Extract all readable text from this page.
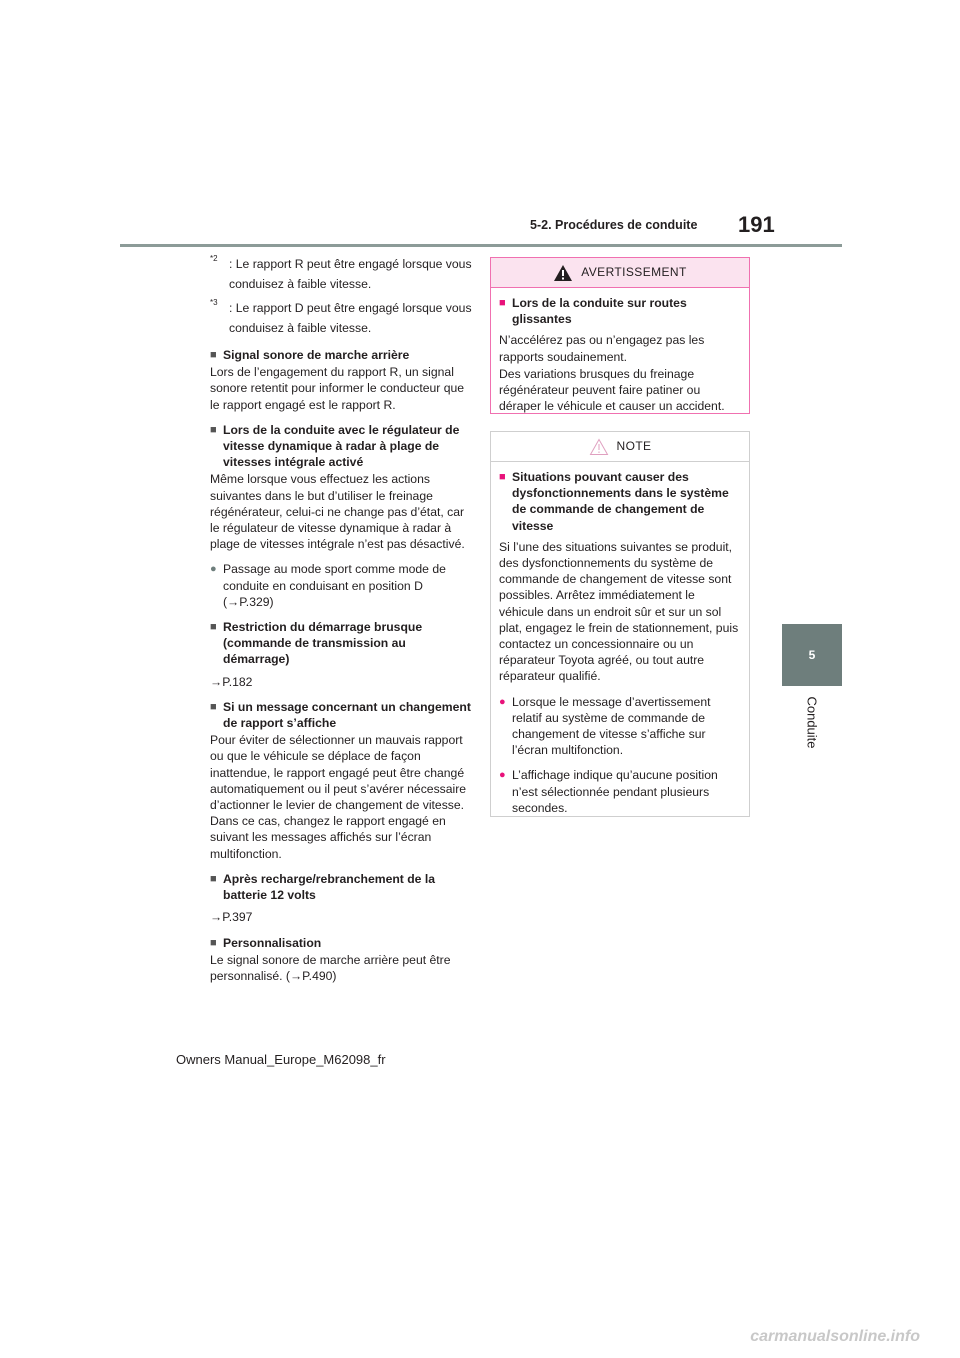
5-2. Procédures de conduite 191
5
Conduite
$^{*2}$ : Le rapport R peut être engagé lorsque vous conduisez à faible vitesse.
$^{*3}$ : Le rapport D peut être engagé lorsque vous conduisez à faible vitesse.
■ Signal sonore de marche arrière
Lors de l’engagement du rapport R, un signal sonore retentit pour informer le conducteur que le rapport engagé est le rapport R.
■ Lors de la conduite avec le régulateur de vitesse dynamique à radar à plage de vitesses intégrale activé
Même lorsque vous effectuez les actions suivantes dans le but d’utiliser le freinage régénérateur, celui-ci ne change pas d’état, car le régulateur de vitesse dynamique à radar à plage de vitesses intégrale n’est pas désactivé.
● Passage au mode sport comme mode de conduite en conduisant en position D (→P.329)
■ Restriction du démarrage brusque (commande de transmission au démarrage)
→P.182
■ Si un message concernant un changement de rapport s’affiche
Pour éviter de sélectionner un mauvais rapport ou que le véhicule se déplace de façon inattendue, le rapport engagé peut être changé automatiquement ou il peut s’avérer nécessaire d’actionner le levier de changement de vitesse. Dans ce cas, changez le rapport engagé en suivant les messages affichés sur l’écran multifonction.
■ Après recharge/rebranchement de la batterie 12 volts
→P.397
■ Personnalisation
Le signal sonore de marche arrière peut être personnalisé. (→P.490)
AVERTISSEMENT
■ Lors de la conduite sur routes glissantes
N’accélérez pas ou n’engagez pas les rapports soudainement.
Des variations brusques du freinage régénérateur peuvent faire patiner ou déraper le véhicule et causer un accident.
NOTE
■ Situations pouvant causer des dysfonctionnements dans le système de commande de changement de vitesse
Si l’une des situations suivantes se produit, des dysfonctionnements du système de commande de changement de vitesse sont possibles. Arrêtez immédiatement le véhicule dans un endroit sûr et sur un sol plat, engagez le frein de stationnement, puis contactez un concessionnaire ou un réparateur Toyota agréé, ou tout autre réparateur qualifié.
● Lorsque le message d’avertissement relatif au système de commande de changement de vitesse s’affiche sur l’écran multifonction.
● L’affichage indique qu’aucune position n’est sélectionnée pendant plusieurs secondes.
Owners Manual_Europe_M62098_fr
carmanualsonline.info
